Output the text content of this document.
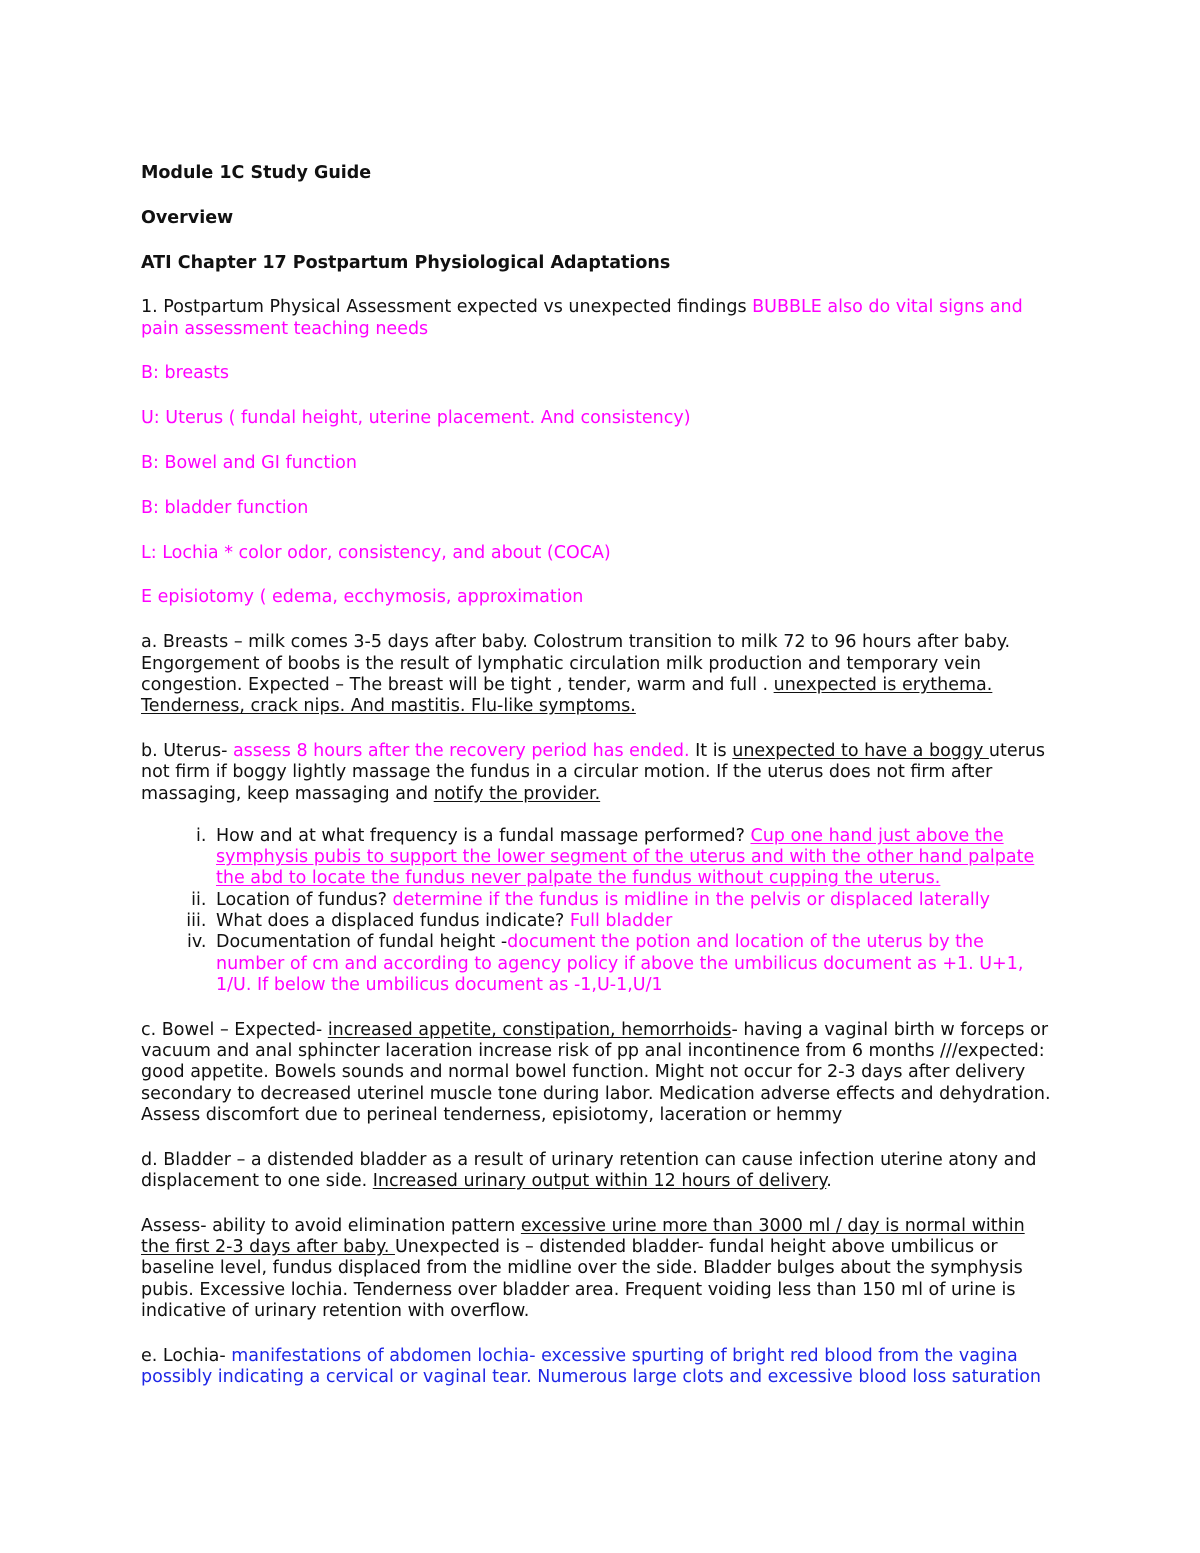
Module 1C Study Guide

Overview

ATI Chapter 17 Postpartum Physiological Adaptations

1. Postpartum Physical Assessment expected vs unexpected findings BUBBLE also do vital signs and pain assessment teaching needs

B: breasts

U: Uterus ( fundal height, uterine placement. And consistency)

B: Bowel and GI function

B: bladder function

L: Lochia * color odor, consistency, and about (COCA)

E episiotomy ( edema, ecchymosis, approximation

a. Breasts – milk comes 3-5 days after baby. Colostrum transition to milk 72 to 96 hours after baby. Engorgement of boobs is the result of lymphatic circulation milk production and temporary vein congestion. Expected – The breast will be tight , tender, warm and full . unexpected is erythema. Tenderness, crack nips. And mastitis. Flu-like symptoms.

b. Uterus- assess 8 hours after the recovery period has ended. It is unexpected to have a boggy uterus not firm if boggy lightly massage the fundus in a circular motion. If the uterus does not firm after massaging, keep massaging and notify the provider.

i. How and at what frequency is a fundal massage performed? Cup one hand just above the symphysis pubis to support the lower segment of the uterus and with the other hand palpate the abd to locate the fundus never palpate the fundus without cupping the uterus.
ii. Location of fundus? determine if the fundus is midline in the pelvis or displaced laterally
iii. What does a displaced fundus indicate? Full bladder
iv. Documentation of fundal height -document the potion and location of the uterus by the number of cm and according to agency policy if above the umbilicus document as +1. U+1, 1/U. If below the umbilicus document as -1,U-1,U/1

c. Bowel – Expected- increased appetite, constipation, hemorrhoids- having a vaginal birth w forceps or vacuum and anal sphincter laceration increase risk of pp anal incontinence from 6 months ///expected: good appetite. Bowels sounds and normal bowel function. Might not occur for 2-3 days after delivery secondary to decreased uterinel muscle tone during labor. Medication adverse effects and dehydration. Assess discomfort due to perineal tenderness, episiotomy, laceration or hemmy

d. Bladder – a distended bladder as a result of urinary retention can cause infection uterine atony and displacement to one side. Increased urinary output within 12 hours of delivery.

Assess- ability to avoid elimination pattern excessive urine more than 3000 ml / day is normal within the first 2-3 days after baby. Unexpected is – distended bladder- fundal height above umbilicus or baseline level, fundus displaced from the midline over the side. Bladder bulges about the symphysis pubis. Excessive lochia. Tenderness over bladder area. Frequent voiding less than 150 ml of urine is indicative of urinary retention with overflow.

e. Lochia- manifestations of abdomen lochia- excessive spurting of bright red blood from the vagina possibly indicating a cervical or vaginal tear. Numerous large clots and excessive blood loss saturation
